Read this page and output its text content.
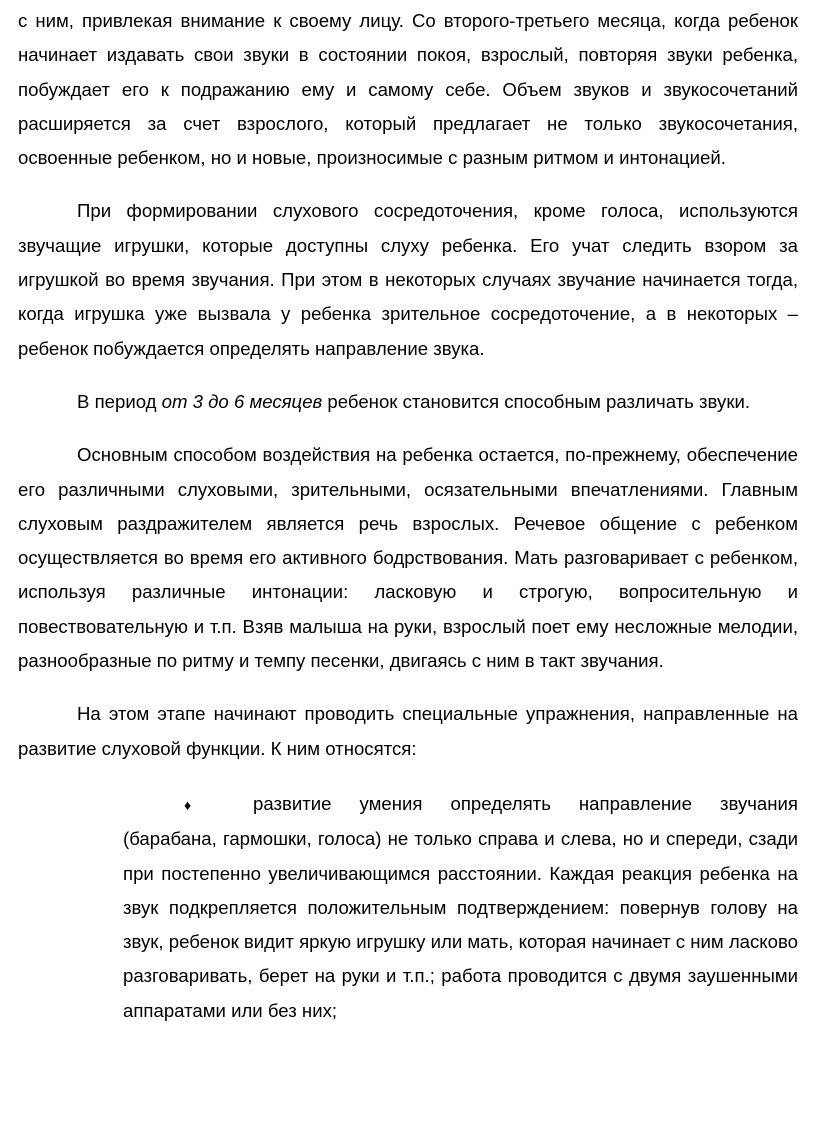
с ним, привлекая внимание к своему лицу. Со второго-третьего месяца, когда ребенок начинает издавать свои звуки в состоянии покоя, взрослый, повторяя звуки ребенка, побуждает его к подражанию ему и самому себе. Объем звуков и звукосочетаний расширяется за счет взрослого, который предлагает не только звукосочетания, освоенные ребенком, но и новые, произносимые с разным ритмом и интонацией.

При формировании слухового сосредоточения, кроме голоса, используются звучащие игрушки, которые доступны слуху ребенка. Его учат следить взором за игрушкой во время звучания. При этом в некоторых случаях звучание начинается тогда, когда игрушка уже вызвала у ребенка зрительное сосредоточение, а в некоторых – ребенок побуждается определять направление звука.

В период от 3 до 6 месяцев ребенок становится способным различать звуки.

Основным способом воздействия на ребенка остается, по-прежнему, обеспечение его различными слуховыми, зрительными, осязательными впечатлениями. Главным слуховым раздражителем является речь взрослых. Речевое общение с ребенком осуществляется во время его активного бодрствования. Мать разговаривает с ребенком, используя различные интонации: ласковую и строгую, вопросительную и повествовательную и т.п. Взяв малыша на руки, взрослый поет ему несложные мелодии, разнообразные по ритму и темпу песенки, двигаясь с ним в такт звучания.

На этом этапе начинают проводить специальные упражнения, направленные на развитие слуховой функции. К ним относятся:

♦	развитие умения определять направление звучания (барабана, гармошки, голоса) не только справа и слева, но и спереди, сзади при постепенно увеличивающимся расстоянии. Каждая реакция ребенка на звук подкрепляется положительным подтверждением: повернув голову на звук, ребенок видит яркую игрушку или мать, которая начинает с ним ласково разговаривать, берет на руки и т.п.; работа проводится с двумя заушенными аппаратами или без них;
